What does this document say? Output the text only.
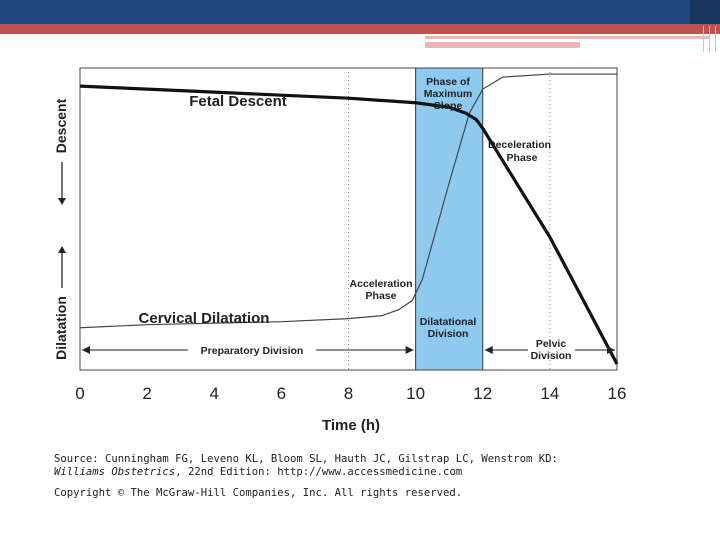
0	2	4	6	8	10	12	14	16
Time (h)
Descent
Dilatation
Fetal Descent
Cervical Dilatation
Phase of
Maximum
Slope
Deceleration
Phase
Acceleration
Phase
Dilatational
Division
Pelvic
Division
Preparatory Division
Source: Cunningham FG, Leveno KL, Bloom SL, Hauth JC, Gilstrap LC, Wenstrom KD:
Williams Obstetrics, 22nd Edition: http://www.accessmedicine.com
Copyright © The McGraw-Hill Companies, Inc. All rights reserved.
